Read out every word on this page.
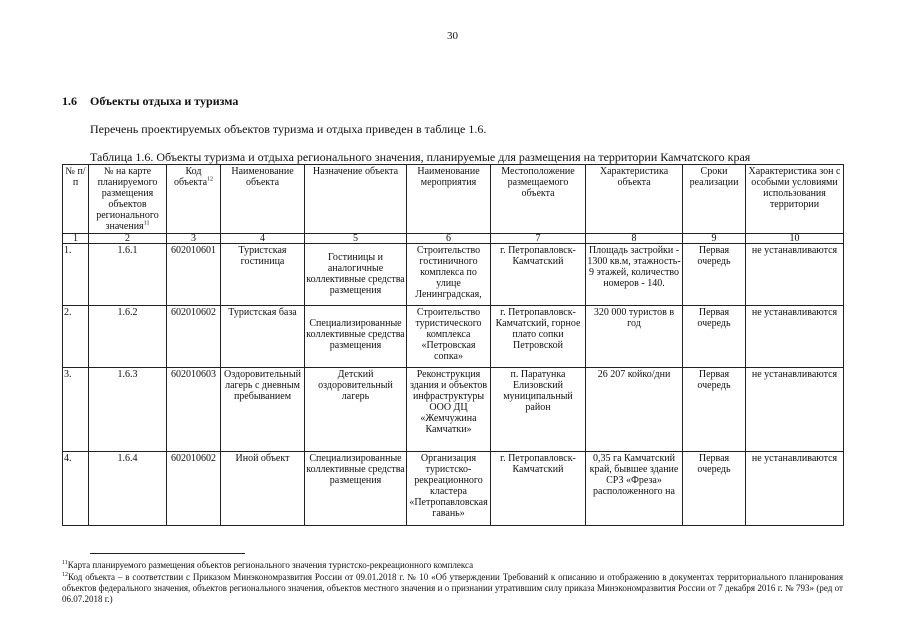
30
1.6 Объекты отдыха и туризма
Перечень проектируемых объектов туризма и отдыха приведен в таблице 1.6.
Таблица 1.6. Объекты туризма и отдыха регионального значения, планируемые для размещения на территории Камчатского края
№ п/п	№ на карте планируемого размещения объектов регионального значения$^{11}$	Код объекта$^{12}$	Наименование объекта	Назначение объекта	Наименование мероприятия	Местоположение размещаемого объекта	Характеристика объекта	Сроки реализации	Характеристика зон с особыми условиями использования территории
1	2	3	4	5	6	7	8	9	10
1.	1.6.1	602010601	Туристская гостиница	Гостиницы и аналогичные коллективные средства размещения	Строительство гостиничного комплекса по улице Ленинградская,	г. Петропавловск-Камчатский	Площадь застройки - 1300 кв.м, этажность- 9 этажей, количество номеров - 140.	Первая очередь	не устанавливаются
2.	1.6.2	602010602	Туристская база	Специализированные коллективные средства размещения	Строительство туристического комплекса «Петровская сопка»	г. Петропавловск-Камчатский, горное плато сопки Петровской	320 000 туристов в год	Первая очередь	не устанавливаются
3.	1.6.3	602010603	Оздоровительный лагерь с дневным пребыванием	Детский оздоровительный лагерь	Реконструкция здания и объектов инфраструктуры ООО ДЦ «Жемчужина Камчатки»	п. Паратунка Елизовский муниципальный район	26 207 койко/дни	Первая очередь	не устанавливаются
4.	1.6.4	602010602	Иной объект	Специализированные коллективные средства размещения	Организация туристско-рекреационного кластера «Петропавловская гавань»	г. Петропавловск-Камчатский	0,35 га Камчатский край, бывшее здание СРЗ «Фреза» расположенного на	Первая очередь	не устанавливаются
$^{11}$Карта планируемого размещения объектов регионального значения туристско-рекреационного комплекса
$^{12}$Код объекта – в соответствии с Приказом Минэкономразвития России от 09.01.2018 г. № 10 «Об утверждении Требований к описанию и отображению в документах территориального планирования объектов федерального значения, объектов регионального значения, объектов местного значения и о признании утратившим силу приказа Минэкономразвития России от 7 декабря 2016 г. № 793» (ред от 06.07.2018 г.)
